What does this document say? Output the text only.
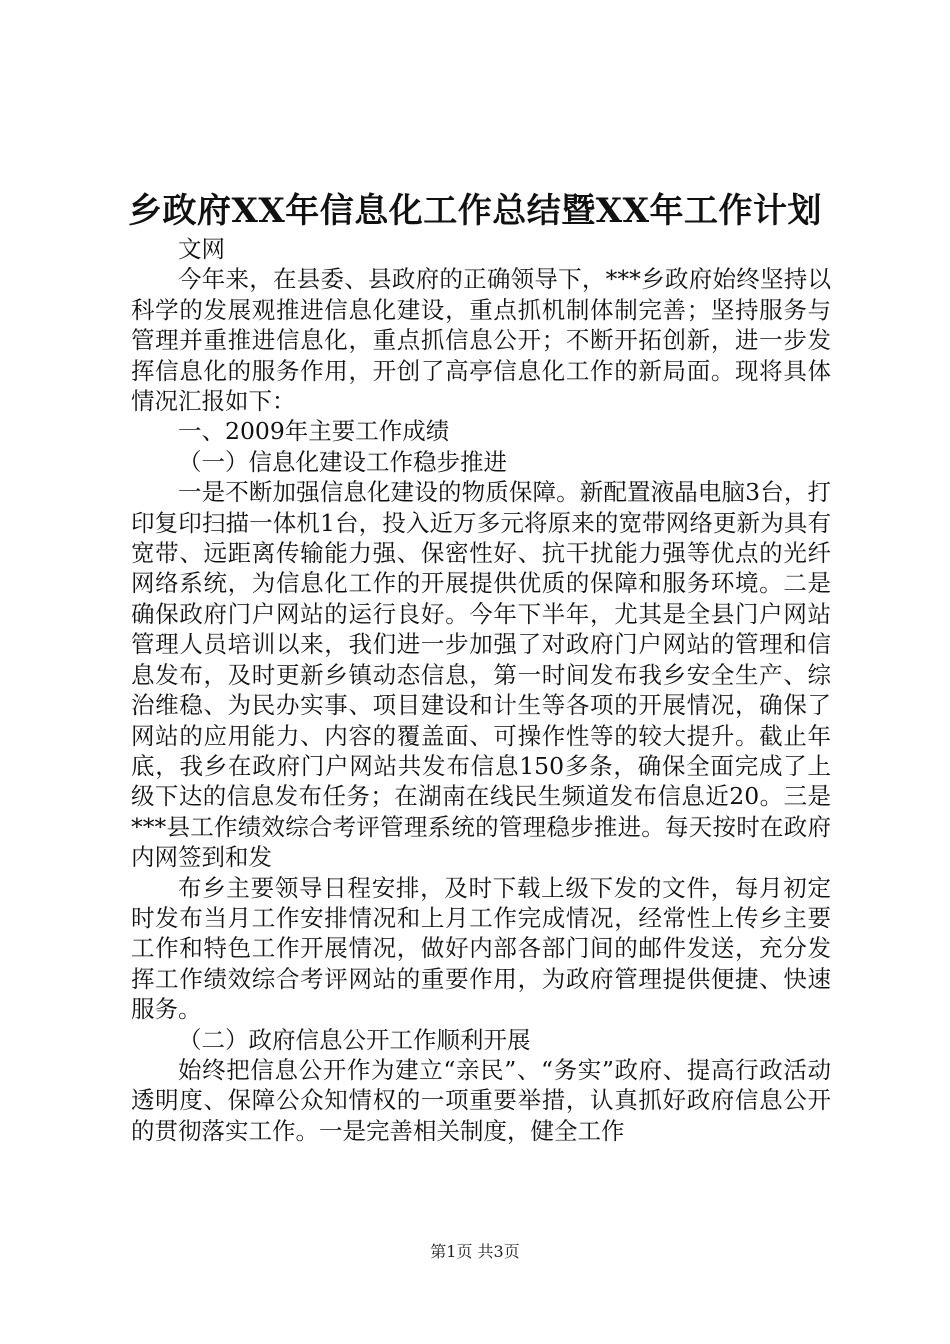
乡政府XX年信息化工作总结暨XX年工作计划

文网

今年来，在县委、县政府的正确领导下，***乡政府始终坚持以科学的发展观推进信息化建设，重点抓机制体制完善；坚持服务与管理并重推进信息化，重点抓信息公开；不断开拓创新，进一步发挥信息化的服务作用，开创了高亭信息化工作的新局面。现将具体情况汇报如下：

一、2009年主要工作成绩

（一）信息化建设工作稳步推进

一是不断加强信息化建设的物质保障。新配置液晶电脑3台，打印复印扫描一体机1台，投入近万多元将原来的宽带网络更新为具有宽带、远距离传输能力强、保密性好、抗干扰能力强等优点的光纤网络系统，为信息化工作的开展提供优质的保障和服务环境。二是确保政府门户网站的运行良好。今年下半年，尤其是全县门户网站管理人员培训以来，我们进一步加强了对政府门户网站的管理和信息发布，及时更新乡镇动态信息，第一时间发布我乡安全生产、综治维稳、为民办实事、项目建设和计生等各项的开展情况，确保了网站的应用能力、内容的覆盖面、可操作性等的较大提升。截止年底，我乡在政府门户网站共发布信息150多条，确保全面完成了上级下达的信息发布任务；在湖南在线民生频道发布信息近20。三是***县工作绩效综合考评管理系统的管理稳步推进。每天按时在政府内网签到和发

布乡主要领导日程安排，及时下载上级下发的文件，每月初定时发布当月工作安排情况和上月工作完成情况，经常性上传乡主要工作和特色工作开展情况，做好内部各部门间的邮件发送，充分发挥工作绩效综合考评网站的重要作用，为政府管理提供便捷、快速服务。

（二）政府信息公开工作顺利开展

始终把信息公开作为建立“亲民”、“务实”政府、提高行政活动透明度、保障公众知情权的一项重要举措，认真抓好政府信息公开的贯彻落实工作。一是完善相关制度，健全工作

第1页 共3页
